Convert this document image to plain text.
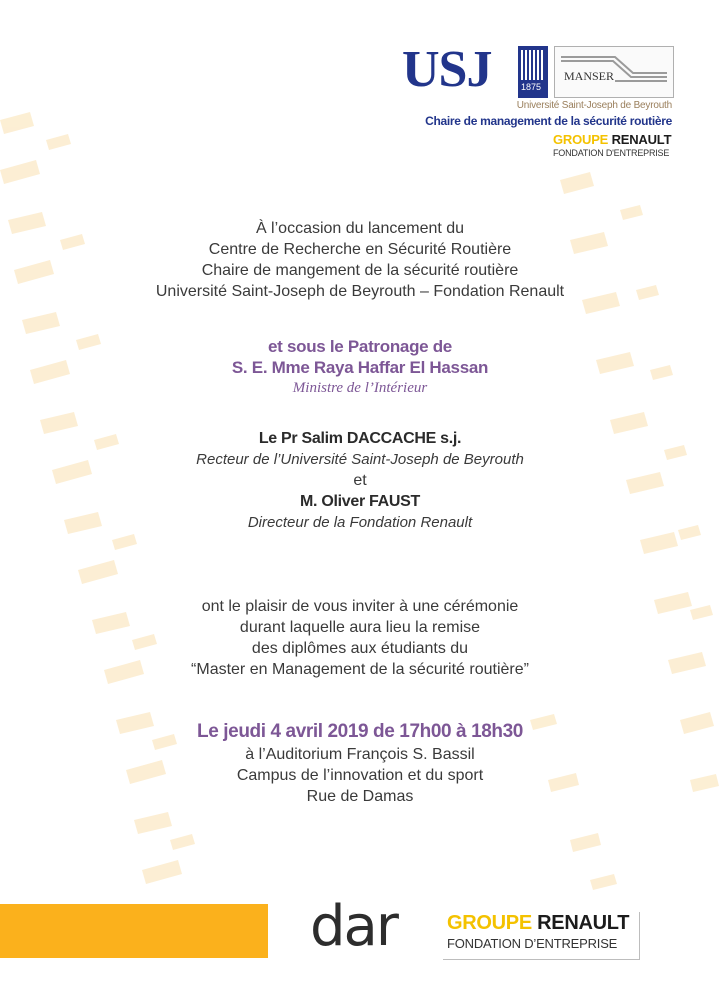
USJ	1875
MANSER
Université Saint-Joseph de Beyrouth
Chaire de management de la sécurité routière
GROUPE RENAULT
FONDATION D'ENTREPRISE
À l’occasion du lancement du
Centre de Recherche en Sécurité Routière
Chaire de mangement de la sécurité routière
Université Saint-Joseph de Beyrouth – Fondation Renault
et sous le Patronage de
S. E. Mme Raya Haffar El Hassan
Ministre de l’Intérieur
Le Pr Salim DACCACHE s.j.
Recteur de l’Université Saint-Joseph de Beyrouth
et
M. Oliver FAUST
Directeur de la Fondation Renault
ont le plaisir de vous inviter à une cérémonie
durant laquelle aura lieu la remise
des diplômes aux étudiants du
“Master en Management de la sécurité routière”
Le jeudi 4 avril 2019 de 17h00 à 18h30
à l’Auditorium François S. Bassil
Campus de l’innovation et du sport
Rue de Damas
dar	GROUPE RENAULT
FONDATION D’ENTREPRISE
